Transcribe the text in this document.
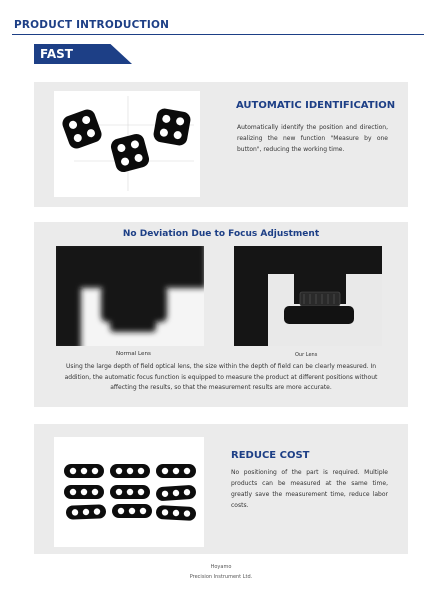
PRODUCT INTRODUCTION
FAST
AUTOMATIC IDENTIFICATION
Automatically identify the position and direction, realizing the new function "Measure by one button", reducing the working time.
No Deviation Due to Focus Adjustment
Normal Lens	Our Lens
Using the large depth of field optical lens, the size within the depth of field can be clearly measured. In addition, the automatic focus function is equipped to measure the product at different positions without affecting the results, so that the measurement results are more accurate.
REDUCE COST
No positioning of the part is required. Multiple products can be measured at the same time, greatly save the measurement time, reduce labor costs.
Hoyamo
Precision Instrument Ltd.
